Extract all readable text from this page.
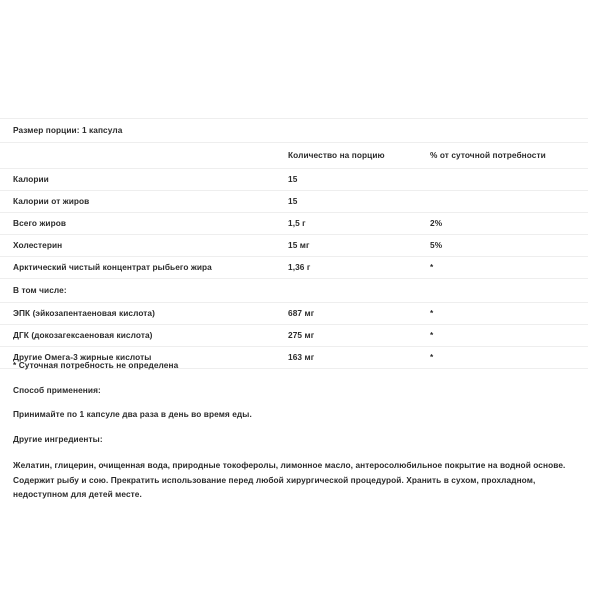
Размер порции: 1 капсула		
	Количество на порцию	% от суточной потребности
Калории	15	
Калории от жиров	15	
Всего жиров	1,5 г	2%
Холестерин	15 мг	5%
Арктический чистый концентрат рыбьего жира	1,36 г	*
В том числе:		
ЭПК (эйкозапентаеновая кислота)	687 мг	*
ДГК (докозагексаеновая кислота)	275 мг	*
Другие Омега-3 жирные кислоты	163 мг	*

* Суточная потребность не определена

Способ применения:

Принимайте по 1 капсуле два раза в день во время еды.

Другие ингредиенты:

Желатин, глицерин, очищенная вода, природные токоферолы, лимонное масло, антеросолюбильное покрытие на водной основе. Содержит рыбу и сою. Прекратить использование перед любой хирургической процедурой. Хранить в сухом, прохладном, недоступном для детей месте.
